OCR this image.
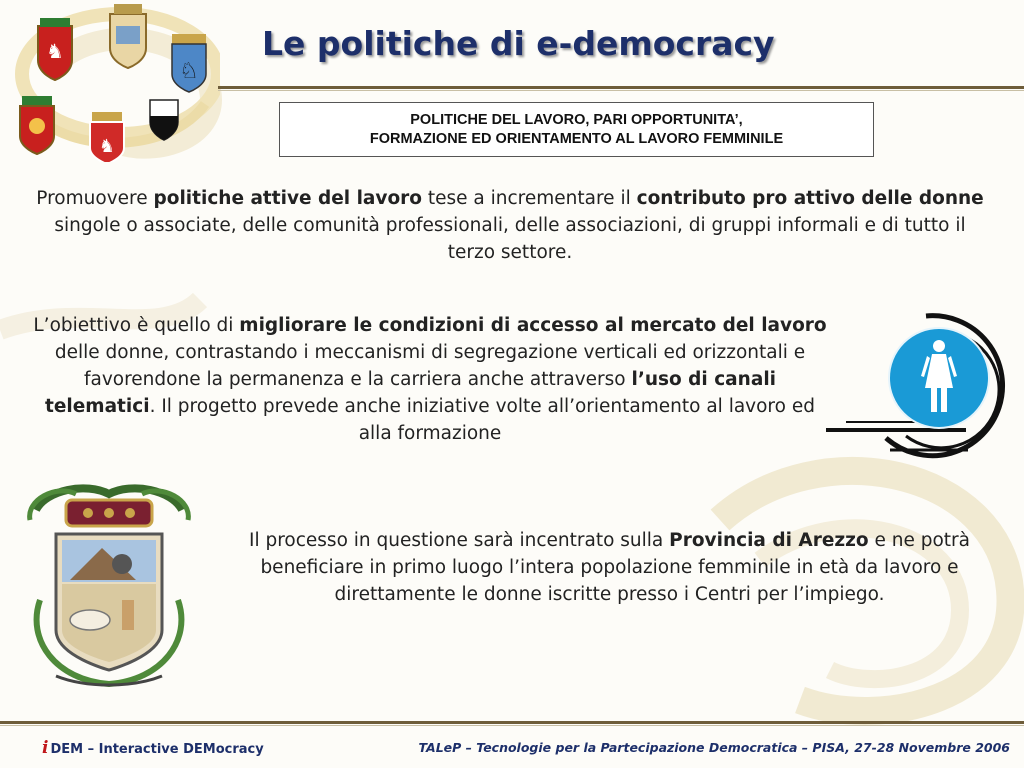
♞
♘
♞
Le politiche di e-democracy
POLITICHE DEL LAVORO, PARI OPPORTUNITA’,
FORMAZIONE ED ORIENTAMENTO AL LAVORO FEMMINILE
Promuovere politiche attive del lavoro tese a incrementare il contributo pro attivo delle donne singole o associate, delle comunità professionali, delle associazioni, di gruppi informali e di tutto il terzo settore.
L’obiettivo è quello di migliorare le condizioni di accesso al mercato del lavoro delle donne, contrastando i meccanismi di segregazione verticali ed orizzontali e favorendone la permanenza e la carriera anche attraverso l’uso di canali telematici. Il progetto prevede anche iniziative volte all’orientamento al lavoro ed alla formazione
Il processo in questione sarà incentrato sulla Provincia di Arezzo e ne potrà beneficiare in primo luogo l’intera popolazione femminile in età da lavoro e direttamente le donne iscritte presso i Centri per l’impiego.
i DEM – Interactive DEMocracy	TALeP – Tecnologie per la Partecipazione Democratica – PISA, 27-28 Novembre 2006
